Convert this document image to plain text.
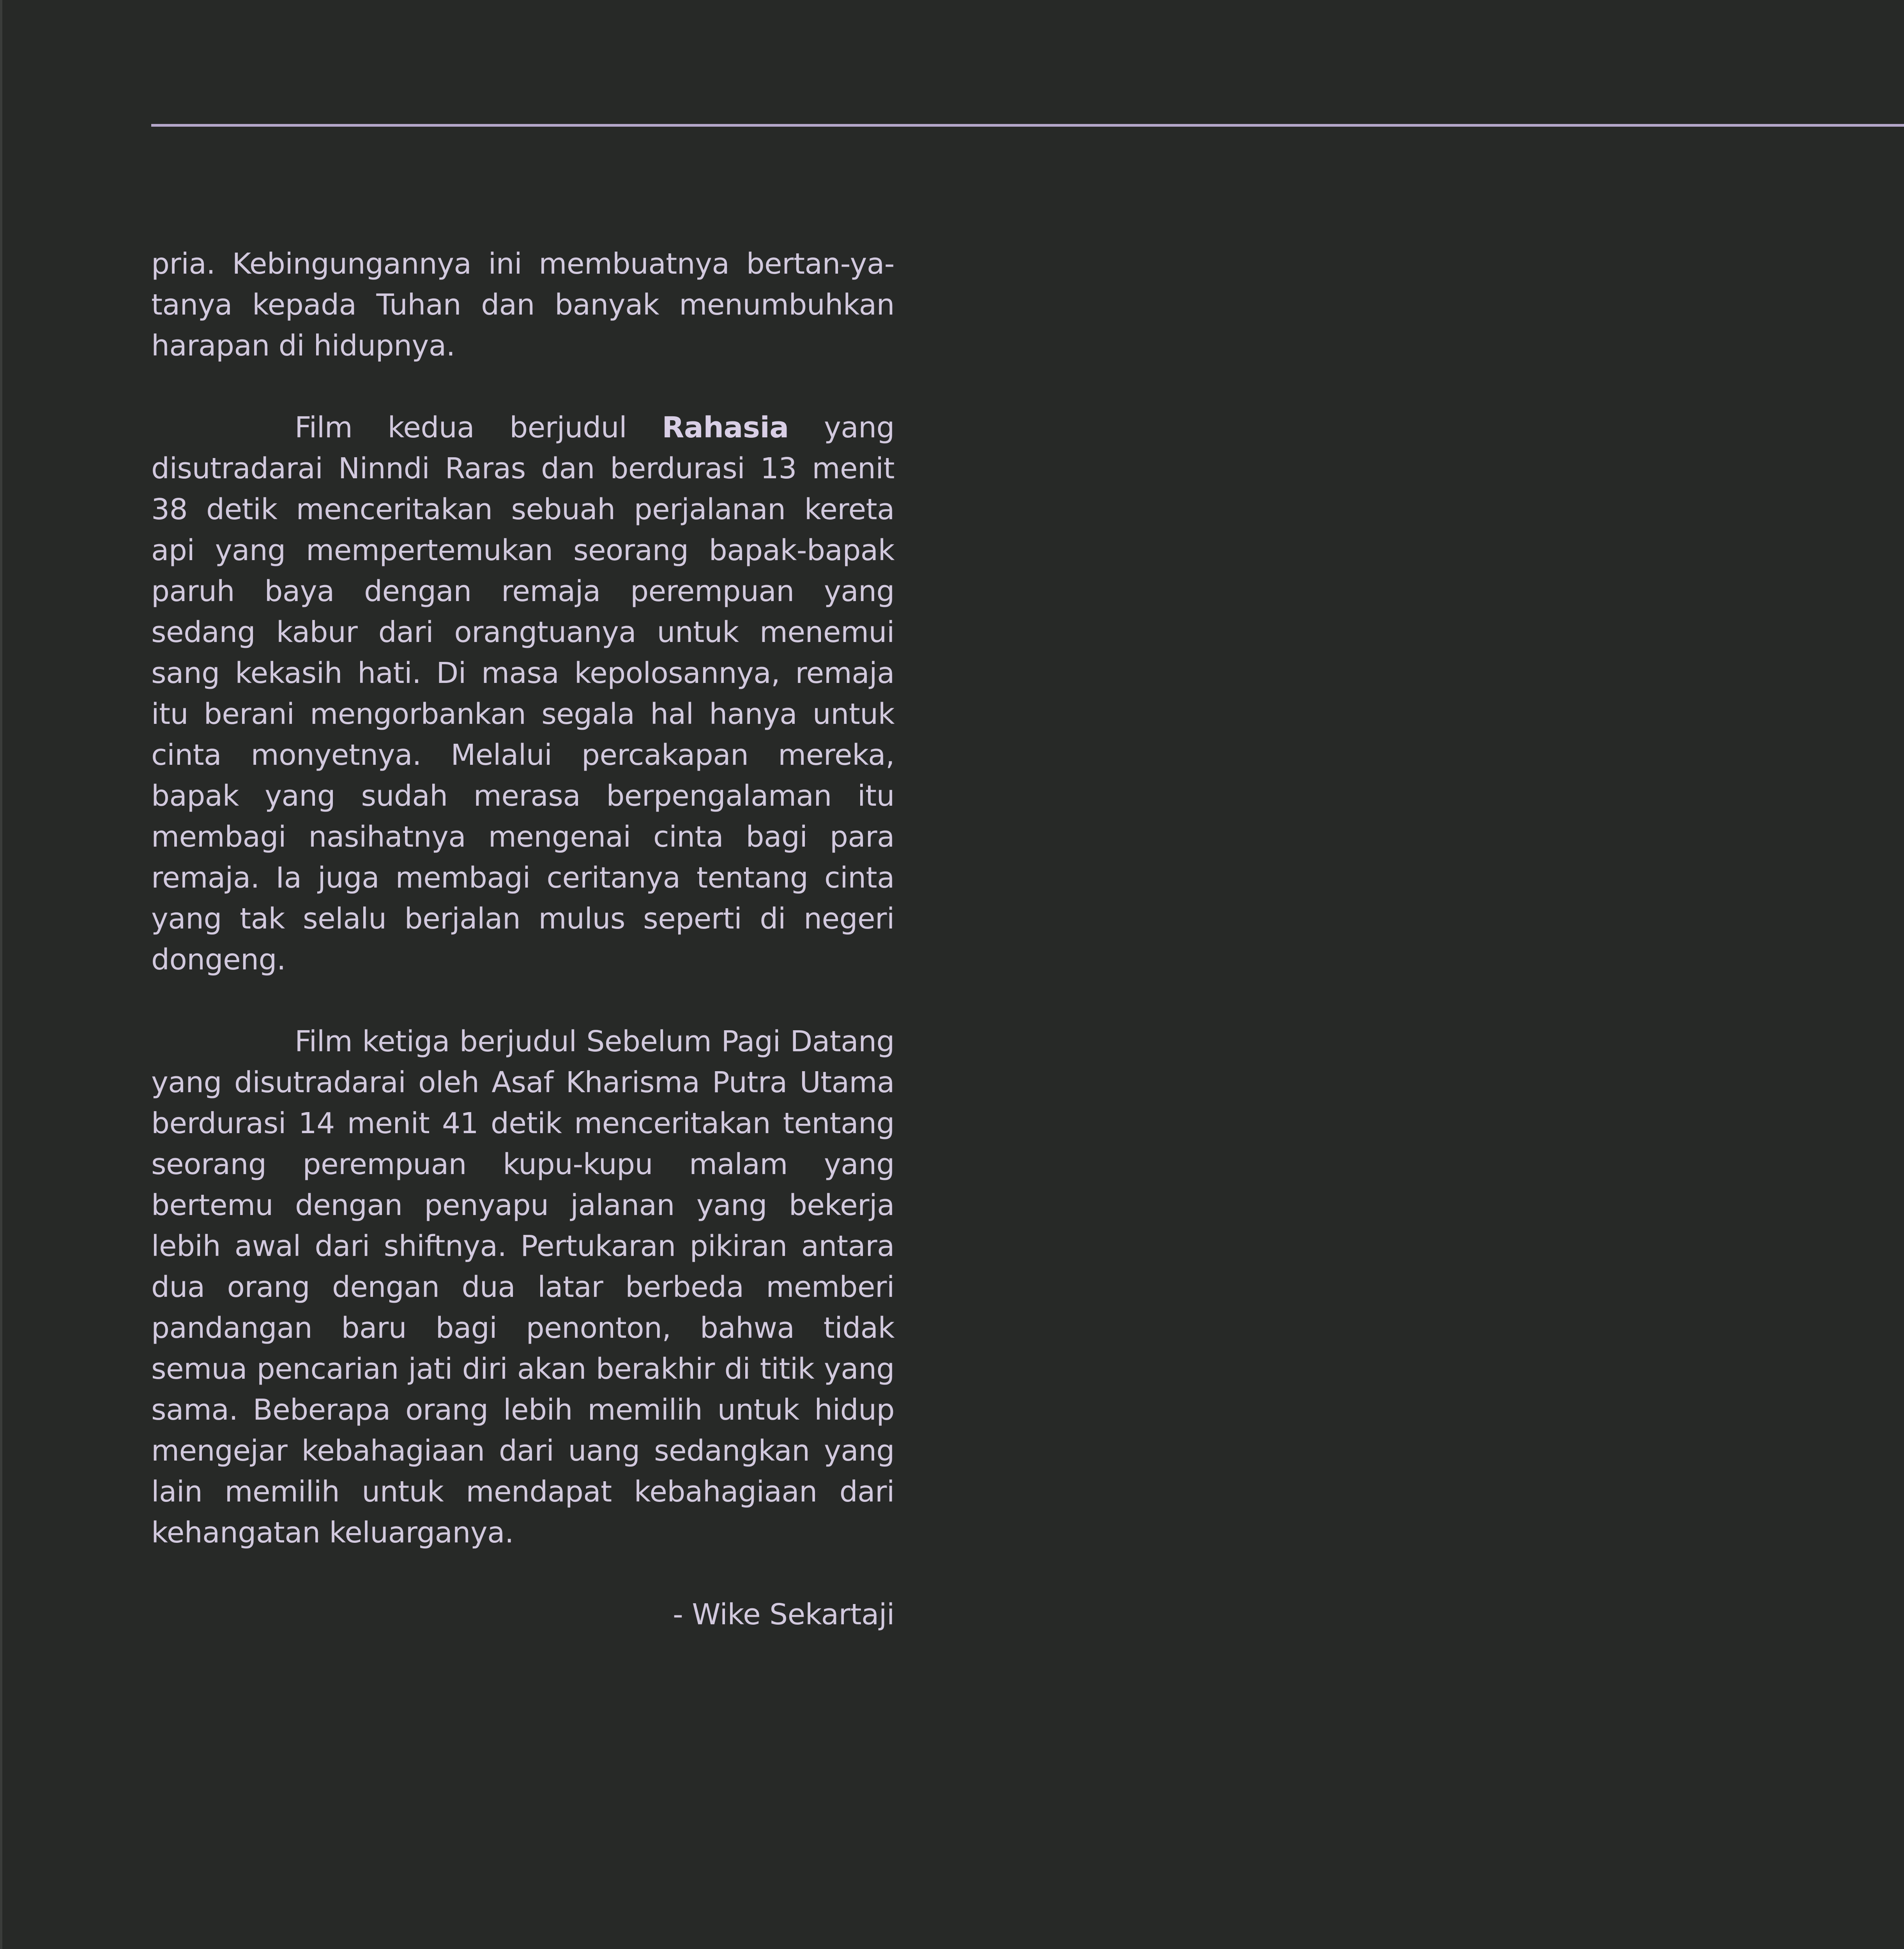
pria. Kebingungannya ini membuatnya bertan-ya-tanya kepada Tuhan dan banyak menumbuhkan harapan di hidupnya.

Film kedua berjudul Rahasia yang disutradarai Ninndi Raras dan berdurasi 13 menit 38 detik menceritakan sebuah perjalanan kereta api yang mempertemukan seorang bapak-bapak paruh baya dengan remaja perempuan yang sedang kabur dari orangtuanya untuk menemui sang kekasih hati. Di masa kepolosannya, remaja itu berani mengorbankan segala hal hanya untuk cinta monyetnya. Melalui percakapan mereka, bapak yang sudah merasa berpengalaman itu membagi nasihatnya mengenai cinta bagi para remaja. Ia juga membagi ceritanya tentang cinta yang tak selalu berjalan mulus seperti di negeri dongeng.

Film ketiga berjudul Sebelum Pagi Datang yang disutradarai oleh Asaf Kharisma Putra Utama berdurasi 14 menit 41 detik menceritakan tentang seorang perempuan kupu-kupu malam yang bertemu dengan penyapu jalanan yang bekerja lebih awal dari shiftnya. Pertukaran pikiran antara dua orang dengan dua latar berbeda memberi pandangan baru bagi penonton, bahwa tidak semua pencarian jati diri akan berakhir di titik yang sama. Beberapa orang lebih memilih untuk hidup mengejar kebahagiaan dari uang sedangkan yang lain memilih untuk mendapat kebahagiaan dari kehangatan keluarganya.

- Wike Sekartaji
